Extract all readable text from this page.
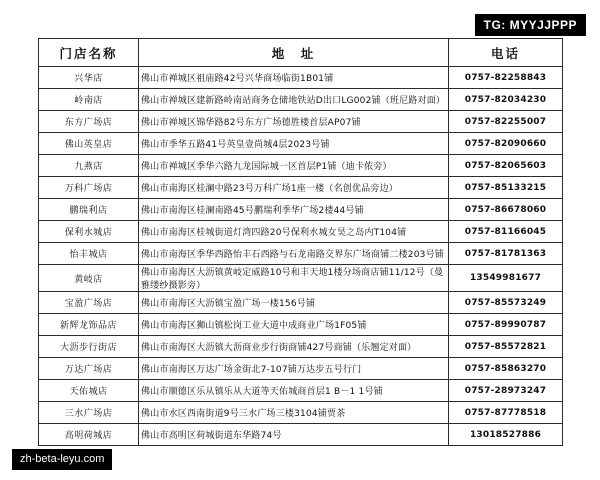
TG: MYYJJPPP
门店名称	地　址	电话
兴华店	佛山市禅城区祖庙路42号兴华商场临街1B01铺	0757-82258843
岭南店	佛山市禅城区建新路岭南站商务仓储地铁站D出口LG002铺（班尼路对面）	0757-82034230
东方广场店	佛山市禅城区锦华路82号东方广场德胜楼首层AP07铺	0757-82255007
佛山英皇店	佛山市季华五路41号英皇壹尚城4层2023号铺	0757-82090660
九燕店	佛山市禅城区季华六路九龙国际城一区首层P1铺（迪卡侬旁）	0757-82065603
万科广场店	佛山市南海区桂澜中路23号万科广场1座一楼（名创优品旁边）	0757-85133215
鹏瑞利店	佛山市南海区桂澜南路45号鹏瑞利季华广场2楼44号铺	0757-86678060
保利水城店	佛山市南海区桂城街道灯湾四路20号保利水城女昊之岛内T104铺	0757-81166045
怡丰城店	佛山市南海区季华西路怡丰石西路与石龙南路交界东广场商铺二楼203号铺	0757-81781363
黄岐店	佛山市南海区大沥镇黄岐定威路10号和丰天地1楼分场商店铺11/12号（曼雅缕纱摄影旁）	13549981677
宝盈广场店	佛山市南海区大沥镇宝盈广场一楼156号铺	0757-85573249
新辉龙饰品店	佛山市南海区狮山镇松岗工业大道中成商业广场1F05铺	0757-89990787
大沥步行街店	佛山市南海区大沥镇大沥商业步行街商铺427号商铺（乐翘定对面）	0757-85572821
万达广场店	佛山市南海区万达广场金街北7-107铺万达步五号行门	0757-85863270
天佑城店	佛山市顺德区乐从镇乐从大道等天佑城商首层1 B－1 1号铺	0757-28973247
三水广场店	佛山市水区西南街道9号三水广场三楼3104铺贾茶	0757-87778518
高明荷城店	佛山市高明区荷城街道东华路74号	13018527886
zh-beta-leyu.com
